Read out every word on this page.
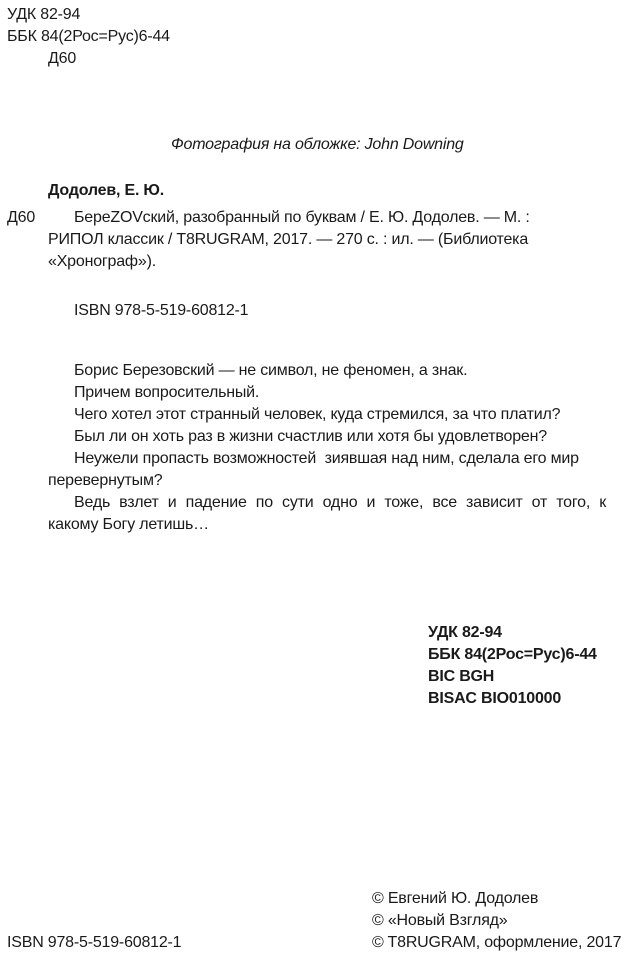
УДК 82-94
ББК 84(2Рос=Рус)6-44
Д60
Фотография на обложке: John Downing
Додолев, Е. Ю.
Д60	БереZOVский, разобранный по буквам / Е. Ю. Додолев. — М. :
РИПОЛ классик / T8RUGRAM, 2017. — 270 с. : ил. — (Библиотека
«Хронограф»).
ISBN 978-5-519-60812-1
Борис Березовский — не символ, не феномен, а знак.
Причем вопросительный.
Чего хотел этот странный человек, куда стремился, за что платил?
Был ли он хоть раз в жизни счастлив или хотя бы удовлетворен?
Неужели пропасть возможностей  зиявшая над ним, сделала его мир
перевернутым?
Ведь взлет и падение по сути одно и тоже, все зависит от того, к
какому Богу летишь…
УДК 82-94
ББК 84(2Рос=Рус)6-44
BIC BGH
BISAC BIO010000
© Евгений Ю. Додолев
© «Новый Взгляд»
© T8RUGRAM, оформление, 2017
ISBN 978-5-519-60812-1
